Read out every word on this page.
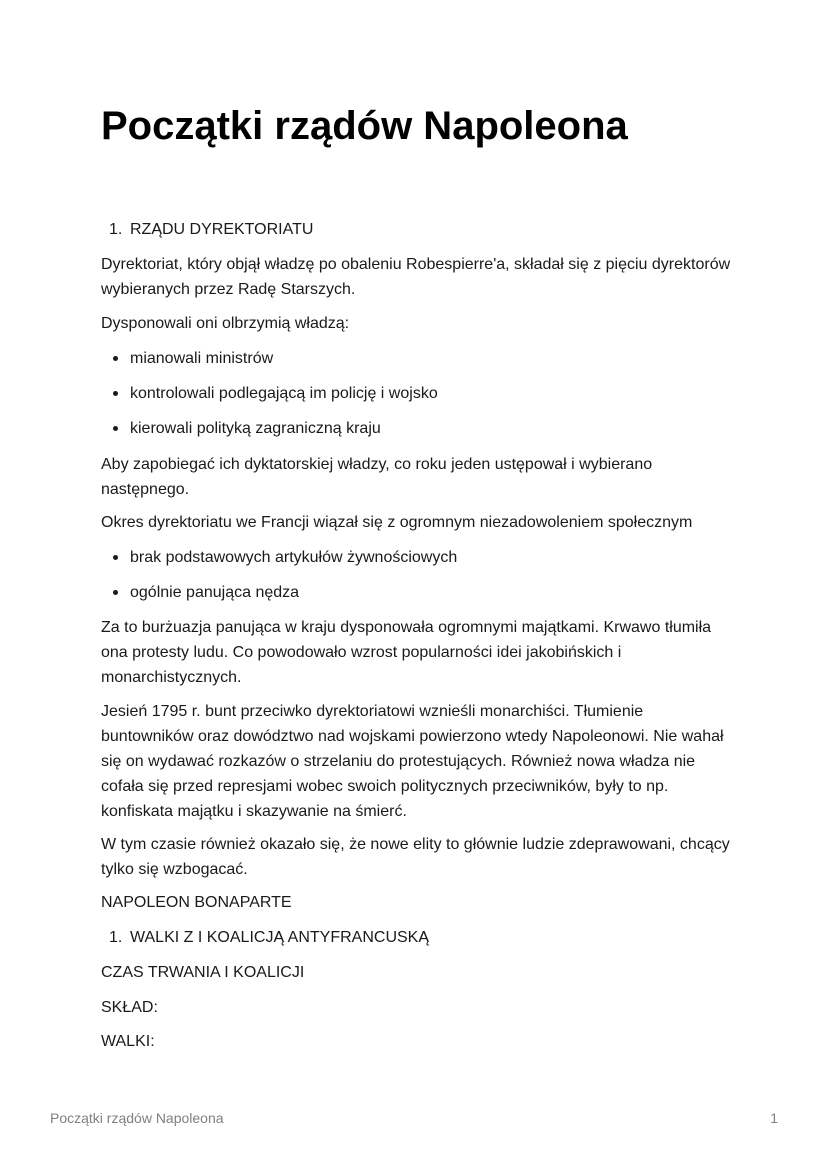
Początki rządów Napoleona
1. RZĄDU DYREKTORIATU
Dyrektoriat, który objął władzę po obaleniu Robespierre'a, składał się z pięciu dyrektorów wybieranych przez Radę Starszych.
Dysponowali oni olbrzymią władzą:
mianowali ministrów
kontrolowali podlegającą im policję i wojsko
kierowali polityką zagraniczną kraju
Aby zapobiegać ich dyktatorskiej władzy, co roku jeden ustępował i wybierano następnego.
Okres dyrektoriatu we Francji wiązał się z ogromnym niezadowoleniem społecznym
brak podstawowych artykułów żywnościowych
ogólnie panująca nędza
Za to burżuazja panująca w kraju dysponowała ogromnymi majątkami. Krwawo tłumiła ona protesty ludu. Co powodowało wzrost popularności idei jakobińskich i monarchistycznych.
Jesień 1795 r. bunt przeciwko dyrektoriatowi wznieśli monarchiści. Tłumienie buntowników oraz dowództwo nad wojskami powierzono wtedy Napoleonowi. Nie wahał się on wydawać rozkazów o strzelaniu do protestujących. Również nowa władza nie cofała się przed represjami wobec swoich politycznych przeciwników, były to np. konfiskata majątku i skazywanie na śmierć.
W tym czasie również okazało się, że nowe elity to głównie ludzie zdeprawowani, chcący tylko się wzbogacać.
NAPOLEON BONAPARTE
1. WALKI Z I KOALICJĄ ANTYFRANCUSKĄ
CZAS TRWANIA I KOALICJI
SKŁAD:
WALKI:
Początki rządów Napoleona	1
